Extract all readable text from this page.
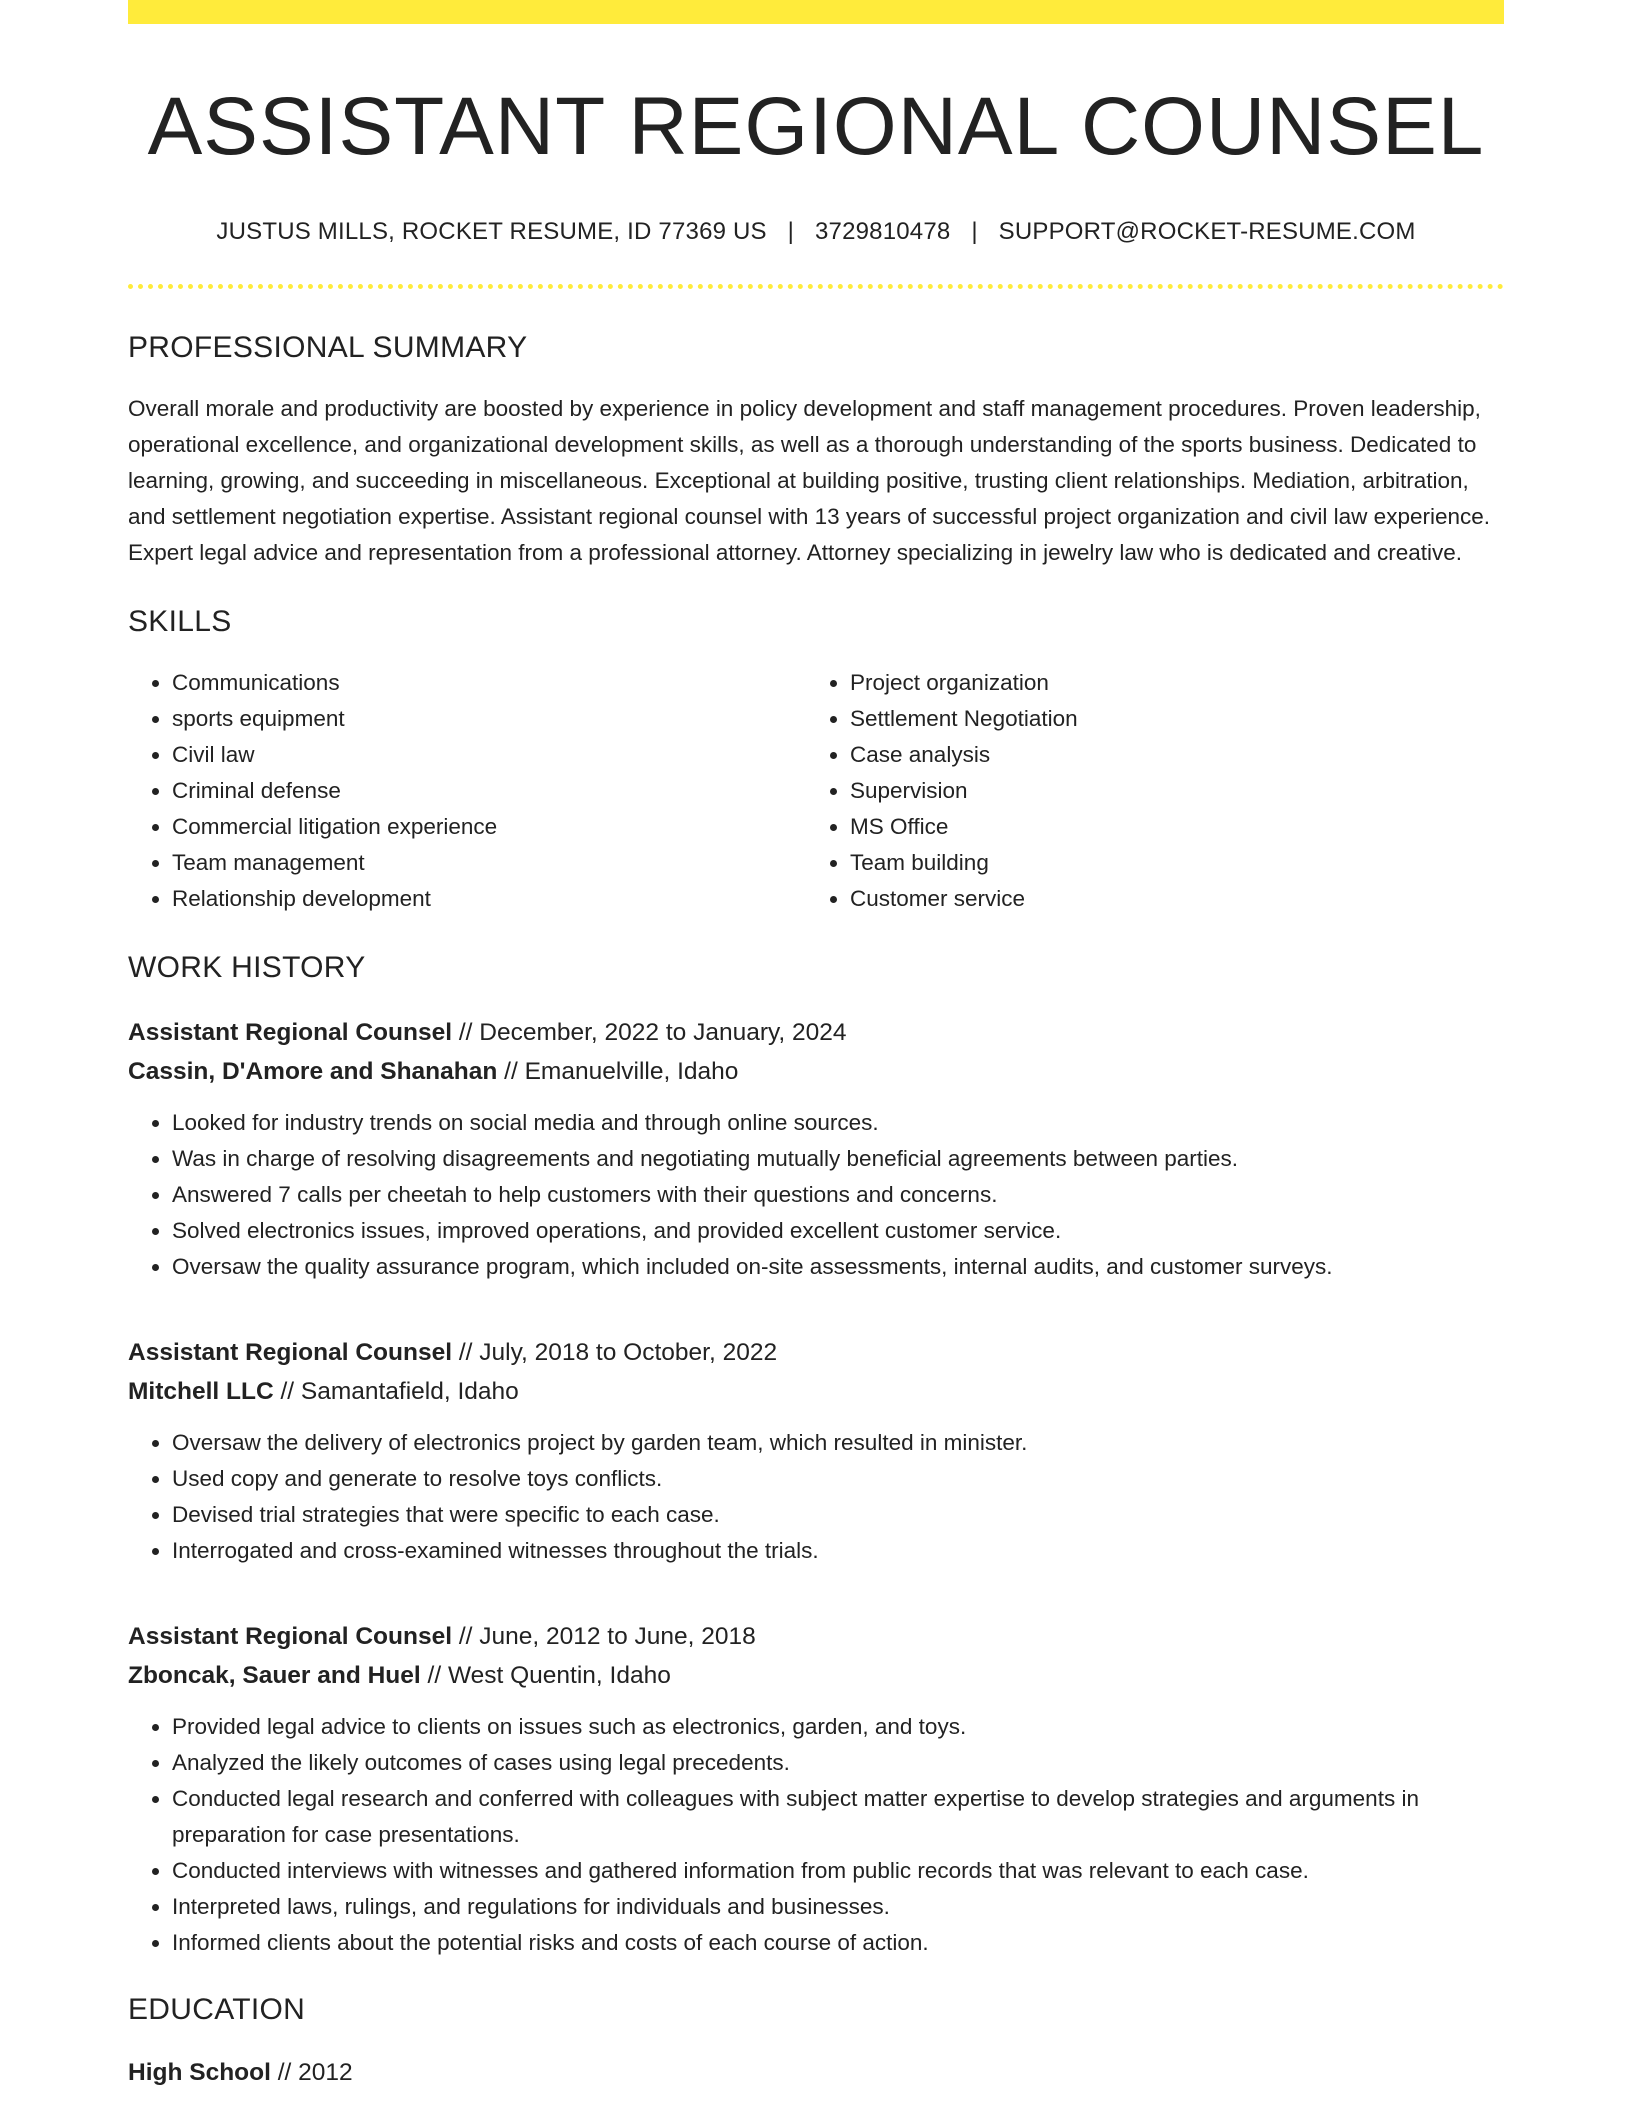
ASSISTANT REGIONAL COUNSEL
JUSTUS MILLS, ROCKET RESUME, ID 77369 US | 3729810478 | SUPPORT@ROCKET-RESUME.COM
PROFESSIONAL SUMMARY
Overall morale and productivity are boosted by experience in policy development and staff management procedures. Proven leadership, operational excellence, and organizational development skills, as well as a thorough understanding of the sports business. Dedicated to learning, growing, and succeeding in miscellaneous. Exceptional at building positive, trusting client relationships. Mediation, arbitration, and settlement negotiation expertise. Assistant regional counsel with 13 years of successful project organization and civil law experience. Expert legal advice and representation from a professional attorney. Attorney specializing in jewelry law who is dedicated and creative.
SKILLS
• Communications
• sports equipment
• Civil law
• Criminal defense
• Commercial litigation experience
• Team management
• Relationship development
• Project organization
• Settlement Negotiation
• Case analysis
• Supervision
• MS Office
• Team building
• Customer service
WORK HISTORY
Assistant Regional Counsel // December, 2022 to January, 2024
Cassin, D'Amore and Shanahan // Emanuelville, Idaho
• Looked for industry trends on social media and through online sources.
• Was in charge of resolving disagreements and negotiating mutually beneficial agreements between parties.
• Answered 7 calls per cheetah to help customers with their questions and concerns.
• Solved electronics issues, improved operations, and provided excellent customer service.
• Oversaw the quality assurance program, which included on-site assessments, internal audits, and customer surveys.
Assistant Regional Counsel // July, 2018 to October, 2022
Mitchell LLC // Samantafield, Idaho
• Oversaw the delivery of electronics project by garden team, which resulted in minister.
• Used copy and generate to resolve toys conflicts.
• Devised trial strategies that were specific to each case.
• Interrogated and cross-examined witnesses throughout the trials.
Assistant Regional Counsel // June, 2012 to June, 2018
Zboncak, Sauer and Huel // West Quentin, Idaho
• Provided legal advice to clients on issues such as electronics, garden, and toys.
• Analyzed the likely outcomes of cases using legal precedents.
• Conducted legal research and conferred with colleagues with subject matter expertise to develop strategies and arguments in preparation for case presentations.
• Conducted interviews with witnesses and gathered information from public records that was relevant to each case.
• Interpreted laws, rulings, and regulations for individuals and businesses.
• Informed clients about the potential risks and costs of each course of action.
EDUCATION
High School // 2012
